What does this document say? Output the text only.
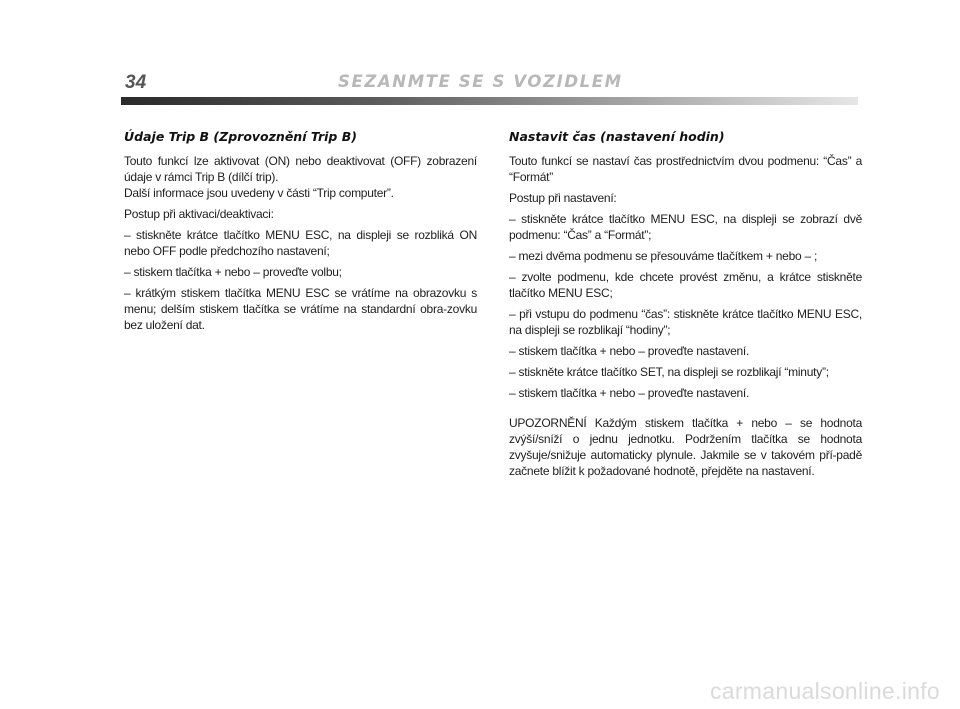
34	SEZANMTE SE S VOZIDLEM
Údaje Trip B (Zprovoznění Trip B)

Touto funkcí lze aktivovat (ON) nebo deaktivovat (OFF) zobrazení údaje v rámci Trip B (dílčí trip).
Další informace jsou uvedeny v části “Trip computer”.

Postup při aktivaci/deaktivaci:

– stiskněte krátce tlačítko MENU ESC, na displeji se rozbliká ON nebo OFF podle předchozího nastavení;

– stiskem tlačítka + nebo – proveďte volbu;

– krátkým stiskem tlačítka MENU ESC se vrátíme na obrazovku s menu; delším stiskem tlačítka se vrátíme na standardní obra-zovku bez uložení dat.

Nastavit čas (nastavení hodin)

Touto funkcí se nastaví čas prostřednictvím dvou podmenu: “Čas” a “Formát”

Postup při nastavení:

– stiskněte krátce tlačítko MENU ESC, na displeji se zobrazí dvě podmenu: “Čas” a “Formát”;

– mezi dvěma podmenu se přesouváme tlačítkem + nebo – ;

– zvolte podmenu, kde chcete provést změnu, a krátce stiskněte tlačítko MENU ESC;

– při vstupu do podmenu “čas”: stiskněte krátce tlačítko MENU ESC, na displeji se rozblikají “hodiny”;

– stiskem tlačítka + nebo – proveďte nastavení.

– stiskněte krátce tlačítko SET, na displeji se rozblikají “minuty”;

– stiskem tlačítka + nebo – proveďte nastavení.

UPOZORNĚNÍ Každým stiskem tlačítka + nebo – se hodnota zvýší/sníží o jednu jednotku. Podržením tlačítka se hodnota zvyšuje/snižuje automaticky plynule. Jakmile se v takovém pří-padě začnete blížit k požadované hodnotě, přejděte na nastavení.

carmanualsonline.info
